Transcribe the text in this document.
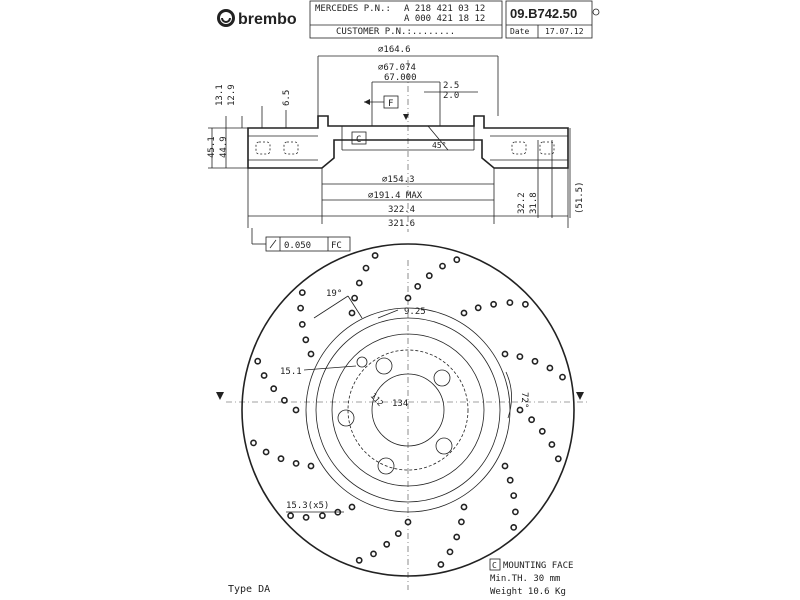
brembo
MERCEDES P.N.: A 218 421 03 12
A 000 421 18 12
CUSTOMER P.N.:........
09.B742.50
Date 17.07.12
⌀164.6
⌀67.074
67.000
2.5
2.0
F
C
45°
13.1 12.9	6.5
45.1 44.9
32.2 31.8	(51.5)
⌀154.3
⌀191.4 MAX
322.4
321.6
0.050 FC
19°
9.25
15.1
15.3(x5)
112 134	72°
C MOUNTING FACE
Min.TH. 30 mm
Weight 10.6 Kg
Type DA
